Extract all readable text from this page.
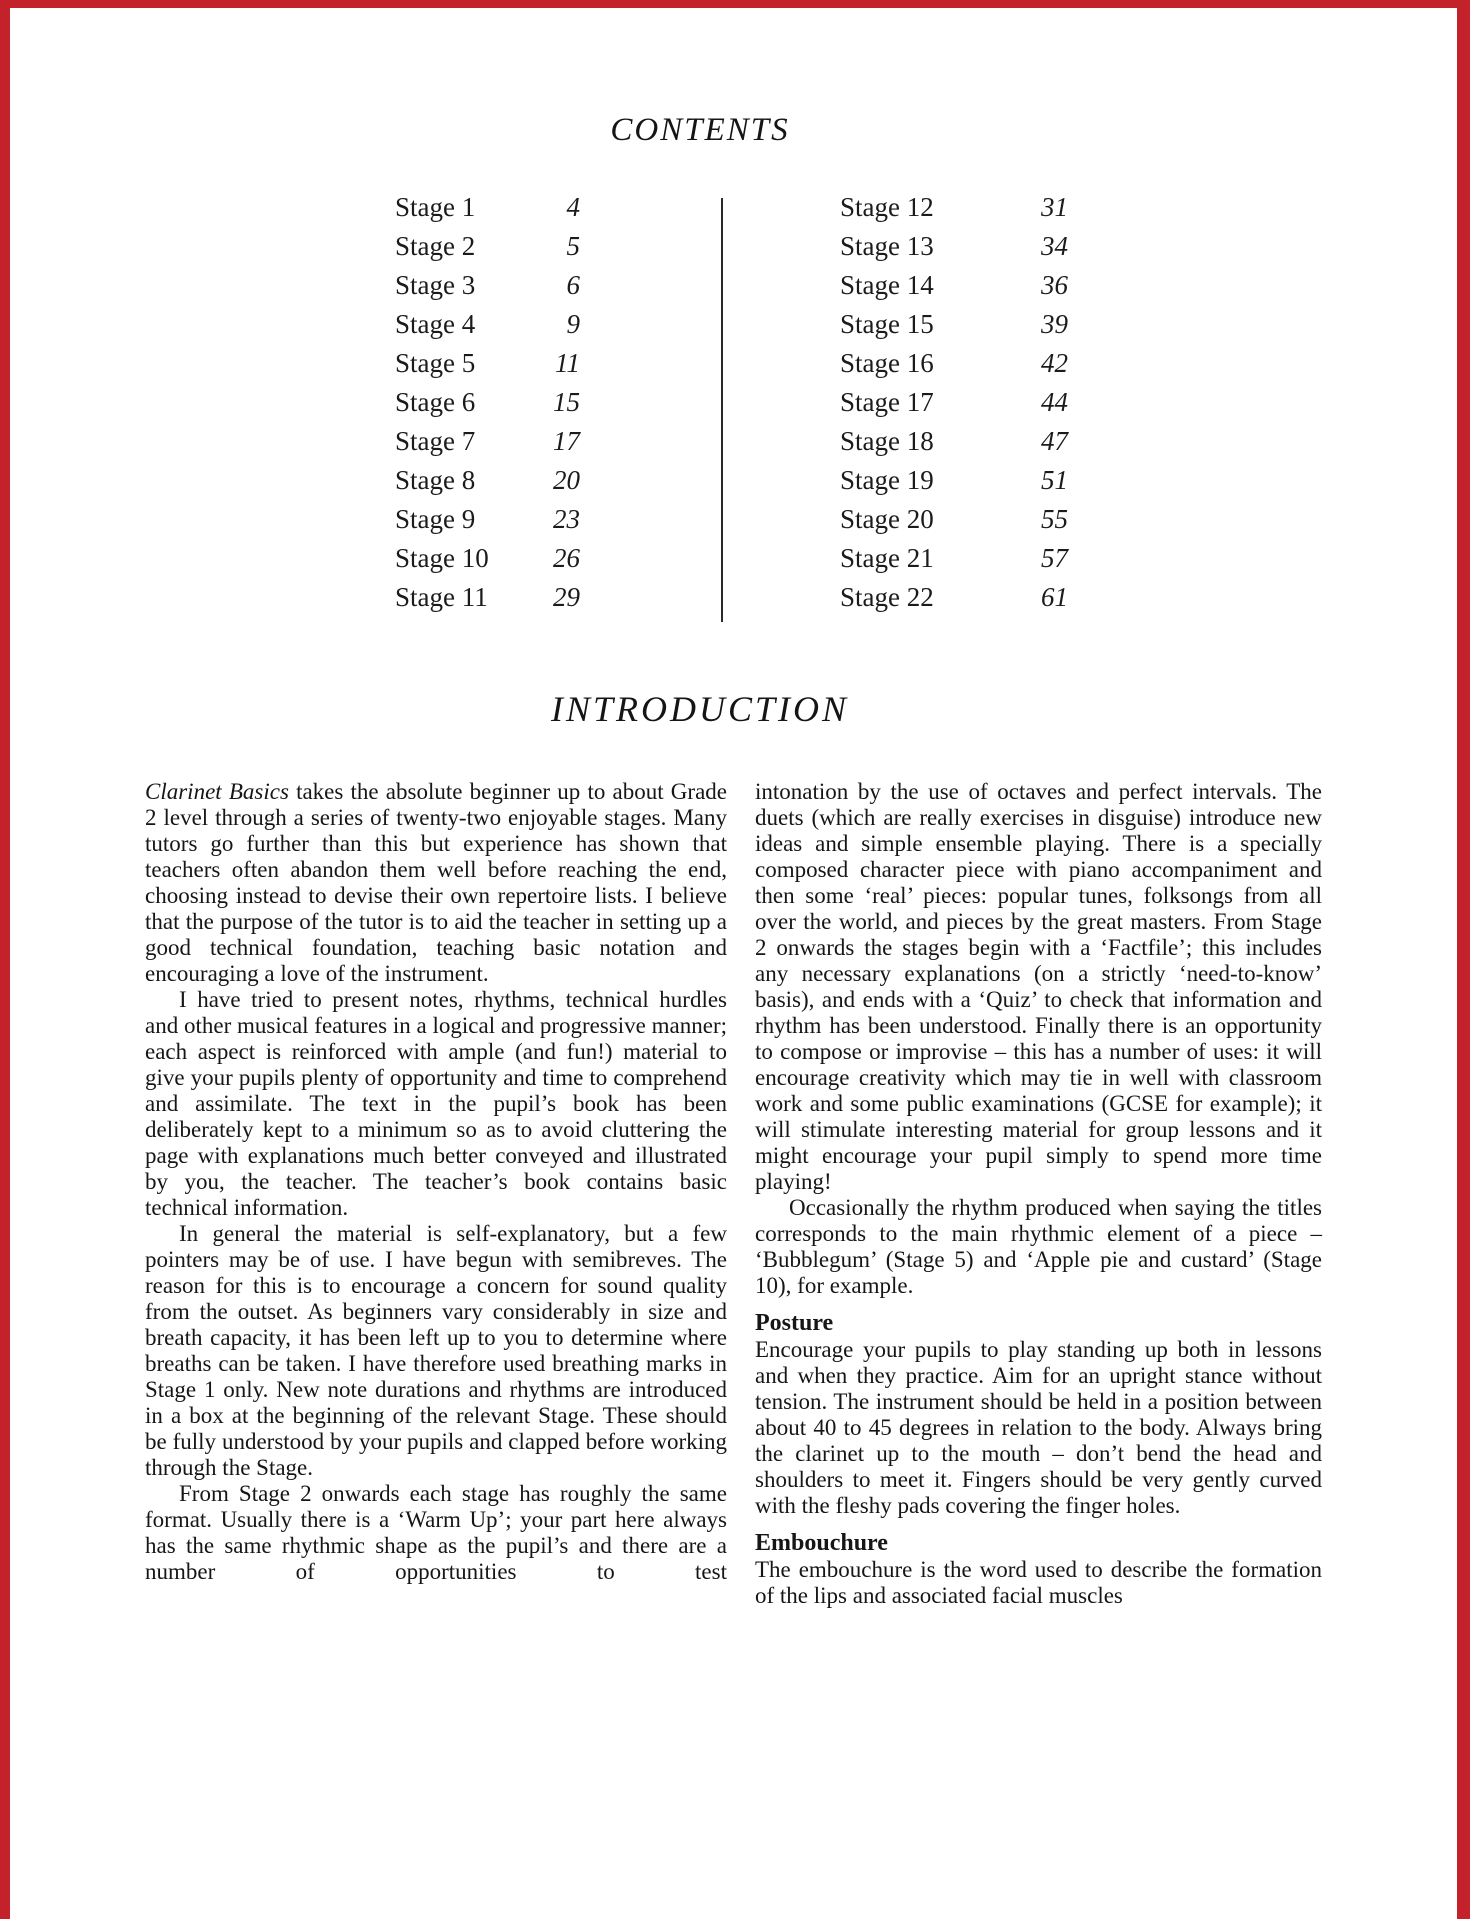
CONTENTS
Stage 1	4
Stage 2	5
Stage 3	6
Stage 4	9
Stage 5	11
Stage 6	15
Stage 7	17
Stage 8	20
Stage 9	23
Stage 10 26
Stage 11 29
Stage 12	31
Stage 13	34
Stage 14	36
Stage 15	39
Stage 16	42
Stage 17	44
Stage 18	47
Stage 19	51
Stage 20	55
Stage 21	57
Stage 22	61
INTRODUCTION

Clarinet Basics takes the absolute beginner up to about Grade 2 level through a series of twenty-two enjoyable stages. Many tutors go further than this but experience has shown that teachers often abandon them well before reaching the end, choosing instead to devise their own repertoire lists. I believe that the purpose of the tutor is to aid the teacher in setting up a good technical foundation, teaching basic notation and encouraging a love of the instrument.

I have tried to present notes, rhythms, technical hurdles and other musical features in a logical and progressive manner; each aspect is reinforced with ample (and fun!) material to give your pupils plenty of opportunity and time to comprehend and assimilate. The text in the pupil’s book has been deliberately kept to a minimum so as to avoid cluttering the page with explanations much better conveyed and illustrated by you, the teacher. The teacher’s book contains basic technical information.

In general the material is self-explanatory, but a few pointers may be of use. I have begun with semibreves. The reason for this is to encourage a concern for sound quality from the outset. As beginners vary considerably in size and breath capacity, it has been left up to you to determine where breaths can be taken. I have therefore used breathing marks in Stage 1 only. New note durations and rhythms are introduced in a box at the beginning of the relevant Stage. These should be fully understood by your pupils and clapped before working through the Stage.

From Stage 2 onwards each stage has roughly the same format. Usually there is a ‘Warm Up’; your part here always has the same rhythmic shape as the pupil’s and there are a number of opportunities to test

intonation by the use of octaves and perfect intervals. The duets (which are really exercises in disguise) introduce new ideas and simple ensemble playing. There is a specially composed character piece with piano accompaniment and then some ‘real’ pieces: popular tunes, folksongs from all over the world, and pieces by the great masters. From Stage 2 onwards the stages begin with a ‘Factfile’; this includes any necessary explanations (on a strictly ‘need-to-know’ basis), and ends with a ‘Quiz’ to check that information and rhythm has been understood. Finally there is an opportunity to compose or improvise – this has a number of uses: it will encourage creativity which may tie in well with classroom work and some public examinations (GCSE for example); it will stimulate interesting material for group lessons and it might encourage your pupil simply to spend more time playing!

Occasionally the rhythm produced when saying the titles corresponds to the main rhythmic element of a piece – ‘Bubblegum’ (Stage 5) and ‘Apple pie and custard’ (Stage 10), for example.

Posture

Encourage your pupils to play standing up both in lessons and when they practice. Aim for an upright stance without tension. The instrument should be held in a position between about 40 to 45 degrees in relation to the body. Always bring the clarinet up to the mouth – don’t bend the head and shoulders to meet it. Fingers should be very gently curved with the fleshy pads covering the finger holes.

Embouchure

The embouchure is the word used to describe the formation of the lips and associated facial muscles
